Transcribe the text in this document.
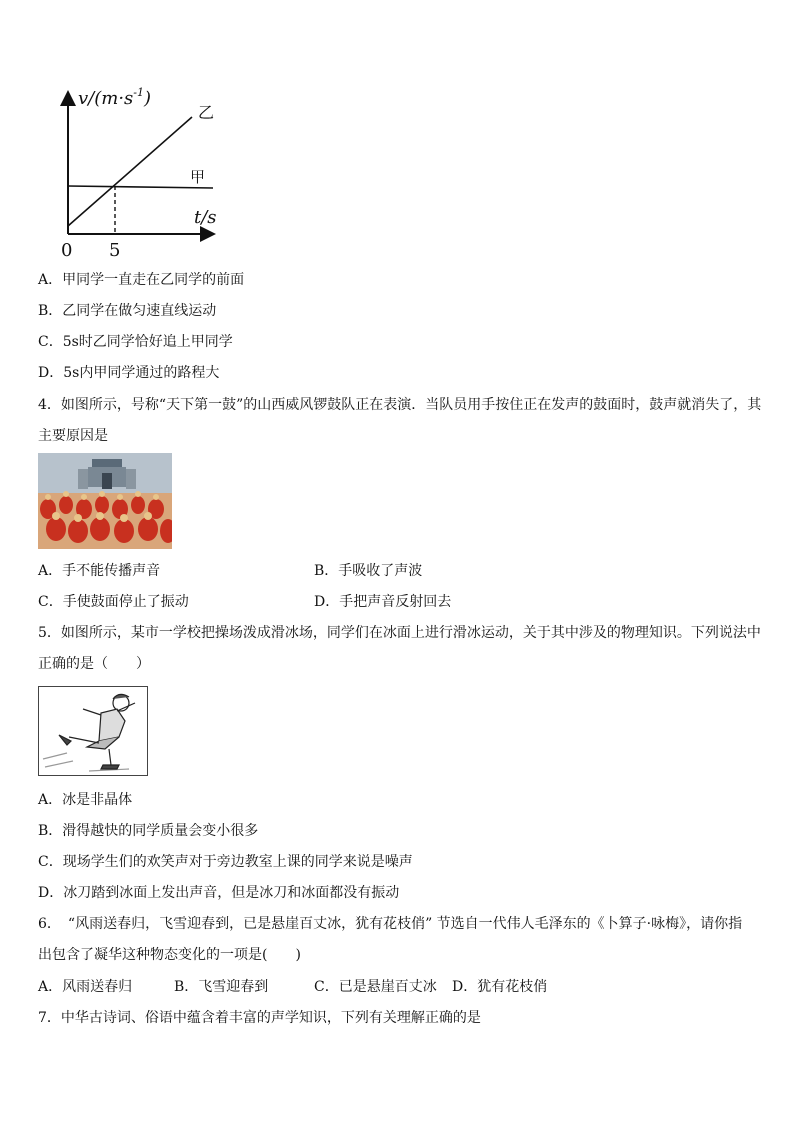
$v/(m\cdot s^{-1})$
乙
甲
t/s
0 5
A．甲同学一直走在乙同学的前面
B．乙同学在做匀速直线运动
C．5s时乙同学恰好追上甲同学
D．5s内甲同学通过的路程大
4．如图所示，号称“天下第一鼓”的山西威风锣鼓队正在表演．当队员用手按住正在发声的鼓面时，鼓声就消失了，其
主要原因是
A．手不能传播声音	B．手吸收了声波
C．手使鼓面停止了振动	D．手把声音反射回去
5．如图所示，某市一学校把操场泼成滑冰场，同学们在冰面上进行滑冰运动，关于其中涉及的物理知识。下列说法中
正确的是（　　）
A．冰是非晶体
B．滑得越快的同学质量会变小很多
C．现场学生们的欢笑声对于旁边教室上课的同学来说是噪声
D．冰刀踏到冰面上发出声音，但是冰刀和冰面都没有振动
6．　“风雨送春归，飞雪迎春到，已是悬崖百丈冰，犹有花枝俏” 节选自一代伟人毛泽东的《卜算子·咏梅》，请你指
出包含了凝华这种物态变化的一项是(　　)
A．风雨送春归	B．飞雪迎春到	C．已是悬崖百丈冰 D．犹有花枝俏
7．中华古诗词、俗语中蕴含着丰富的声学知识，下列有关理解正确的是
